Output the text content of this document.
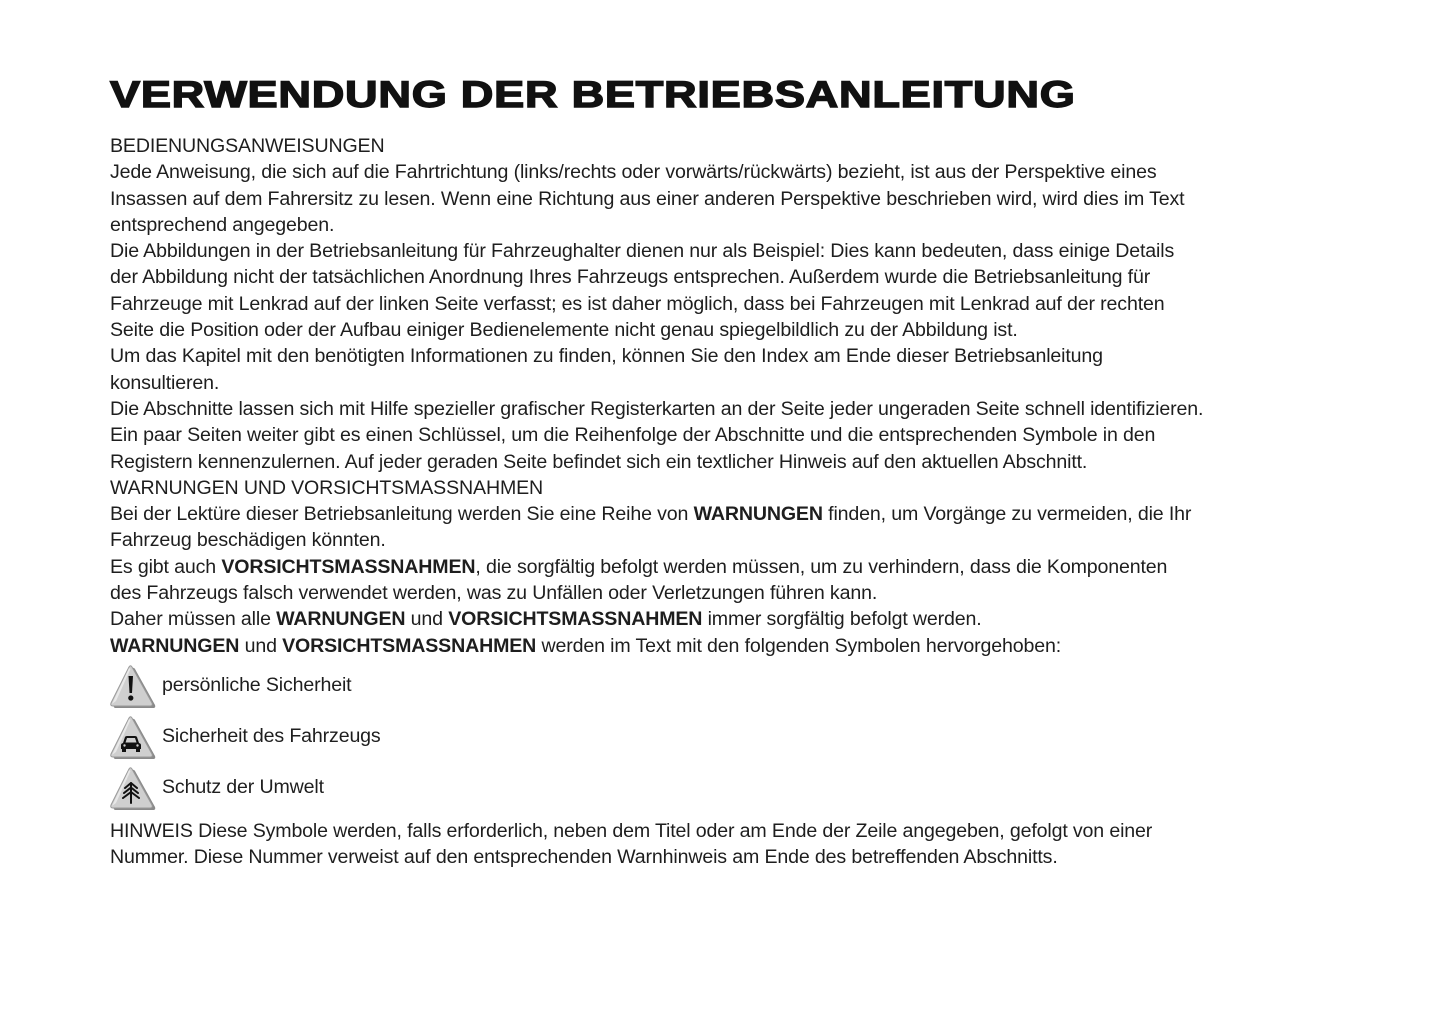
VERWENDUNG DER BETRIEBSANLEITUNG
BEDIENUNGSANWEISUNGEN
Jede Anweisung, die sich auf die Fahrtrichtung (links/rechts oder vorwärts/rückwärts) bezieht, ist aus der Perspektive eines
Insassen auf dem Fahrersitz zu lesen. Wenn eine Richtung aus einer anderen Perspektive beschrieben wird, wird dies im Text
entsprechend angegeben.
Die Abbildungen in der Betriebsanleitung für Fahrzeughalter dienen nur als Beispiel: Dies kann bedeuten, dass einige Details
der Abbildung nicht der tatsächlichen Anordnung Ihres Fahrzeugs entsprechen. Außerdem wurde die Betriebsanleitung für
Fahrzeuge mit Lenkrad auf der linken Seite verfasst; es ist daher möglich, dass bei Fahrzeugen mit Lenkrad auf der rechten
Seite die Position oder der Aufbau einiger Bedienelemente nicht genau spiegelbildlich zu der Abbildung ist.
Um das Kapitel mit den benötigten Informationen zu finden, können Sie den Index am Ende dieser Betriebsanleitung
konsultieren.
Die Abschnitte lassen sich mit Hilfe spezieller grafischer Registerkarten an der Seite jeder ungeraden Seite schnell identifizieren.
Ein paar Seiten weiter gibt es einen Schlüssel, um die Reihenfolge der Abschnitte und die entsprechenden Symbole in den
Registern kennenzulernen. Auf jeder geraden Seite befindet sich ein textlicher Hinweis auf den aktuellen Abschnitt.
WARNUNGEN UND VORSICHTSMASSNAHMEN
Bei der Lektüre dieser Betriebsanleitung werden Sie eine Reihe von WARNUNGEN finden, um Vorgänge zu vermeiden, die Ihr
Fahrzeug beschädigen könnten.
Es gibt auch VORSICHTSMASSNAHMEN, die sorgfältig befolgt werden müssen, um zu verhindern, dass die Komponenten
des Fahrzeugs falsch verwendet werden, was zu Unfällen oder Verletzungen führen kann.
Daher müssen alle WARNUNGEN und VORSICHTSMASSNAHMEN immer sorgfältig befolgt werden.
WARNUNGEN und VORSICHTSMASSNAHMEN werden im Text mit den folgenden Symbolen hervorgehoben:
persönliche Sicherheit
Sicherheit des Fahrzeugs
Schutz der Umwelt
HINWEIS Diese Symbole werden, falls erforderlich, neben dem Titel oder am Ende der Zeile angegeben, gefolgt von einer
Nummer. Diese Nummer verweist auf den entsprechenden Warnhinweis am Ende des betreffenden Abschnitts.
